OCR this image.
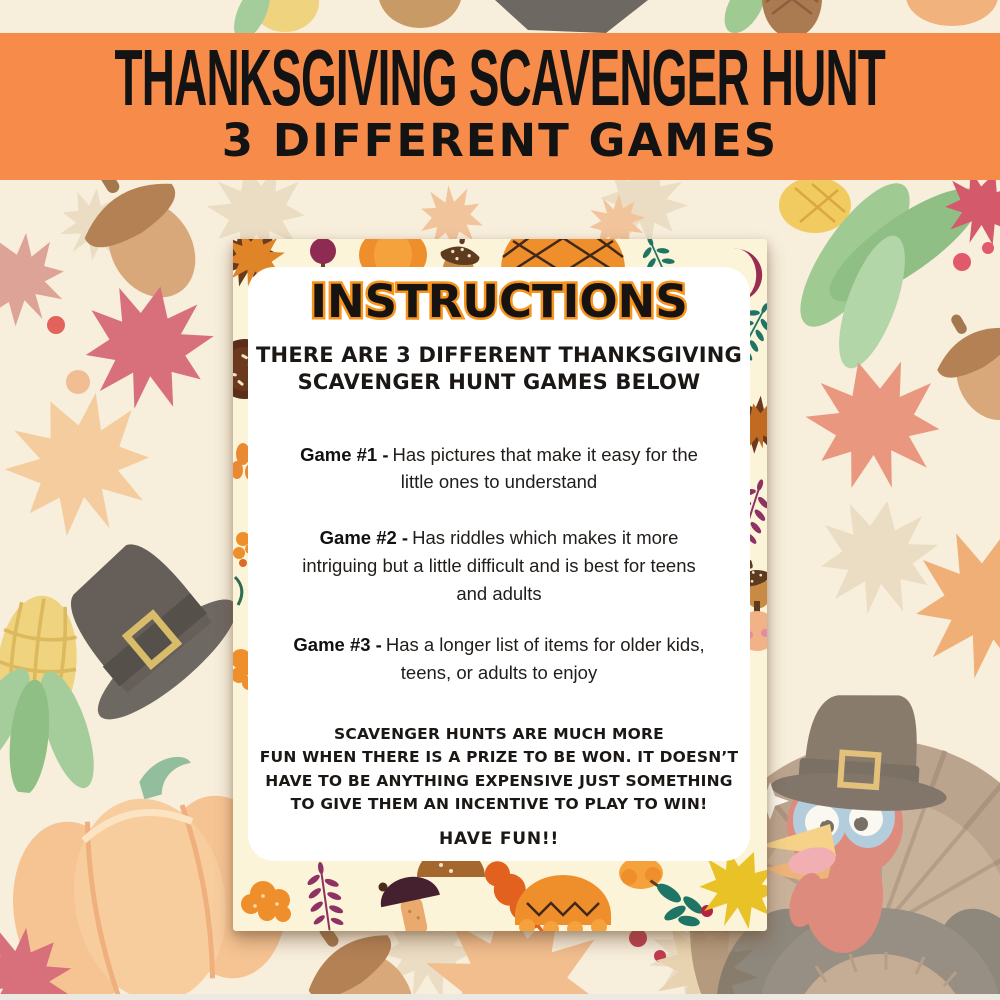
THANKSGIVING SCAVENGER HUNT
3 DIFFERENT GAMES
INSTRUCTIONS
THERE ARE 3 DIFFERENT THANKSGIVING
SCAVENGER HUNT GAMES BELOW
Game #1 - Has pictures that make it easy for the
little ones to understand
Game #2 - Has riddles which makes it more
intriguing but a little difficult and is best for teens
and adults
Game #3 - Has a longer list of items for older kids,
teens, or adults to enjoy
SCAVENGER HUNTS ARE MUCH MORE
FUN WHEN THERE IS A PRIZE TO BE WON. IT DOESN’T
HAVE TO BE ANYTHING EXPENSIVE JUST SOMETHING
TO GIVE THEM AN INCENTIVE TO PLAY TO WIN!
HAVE FUN!!
